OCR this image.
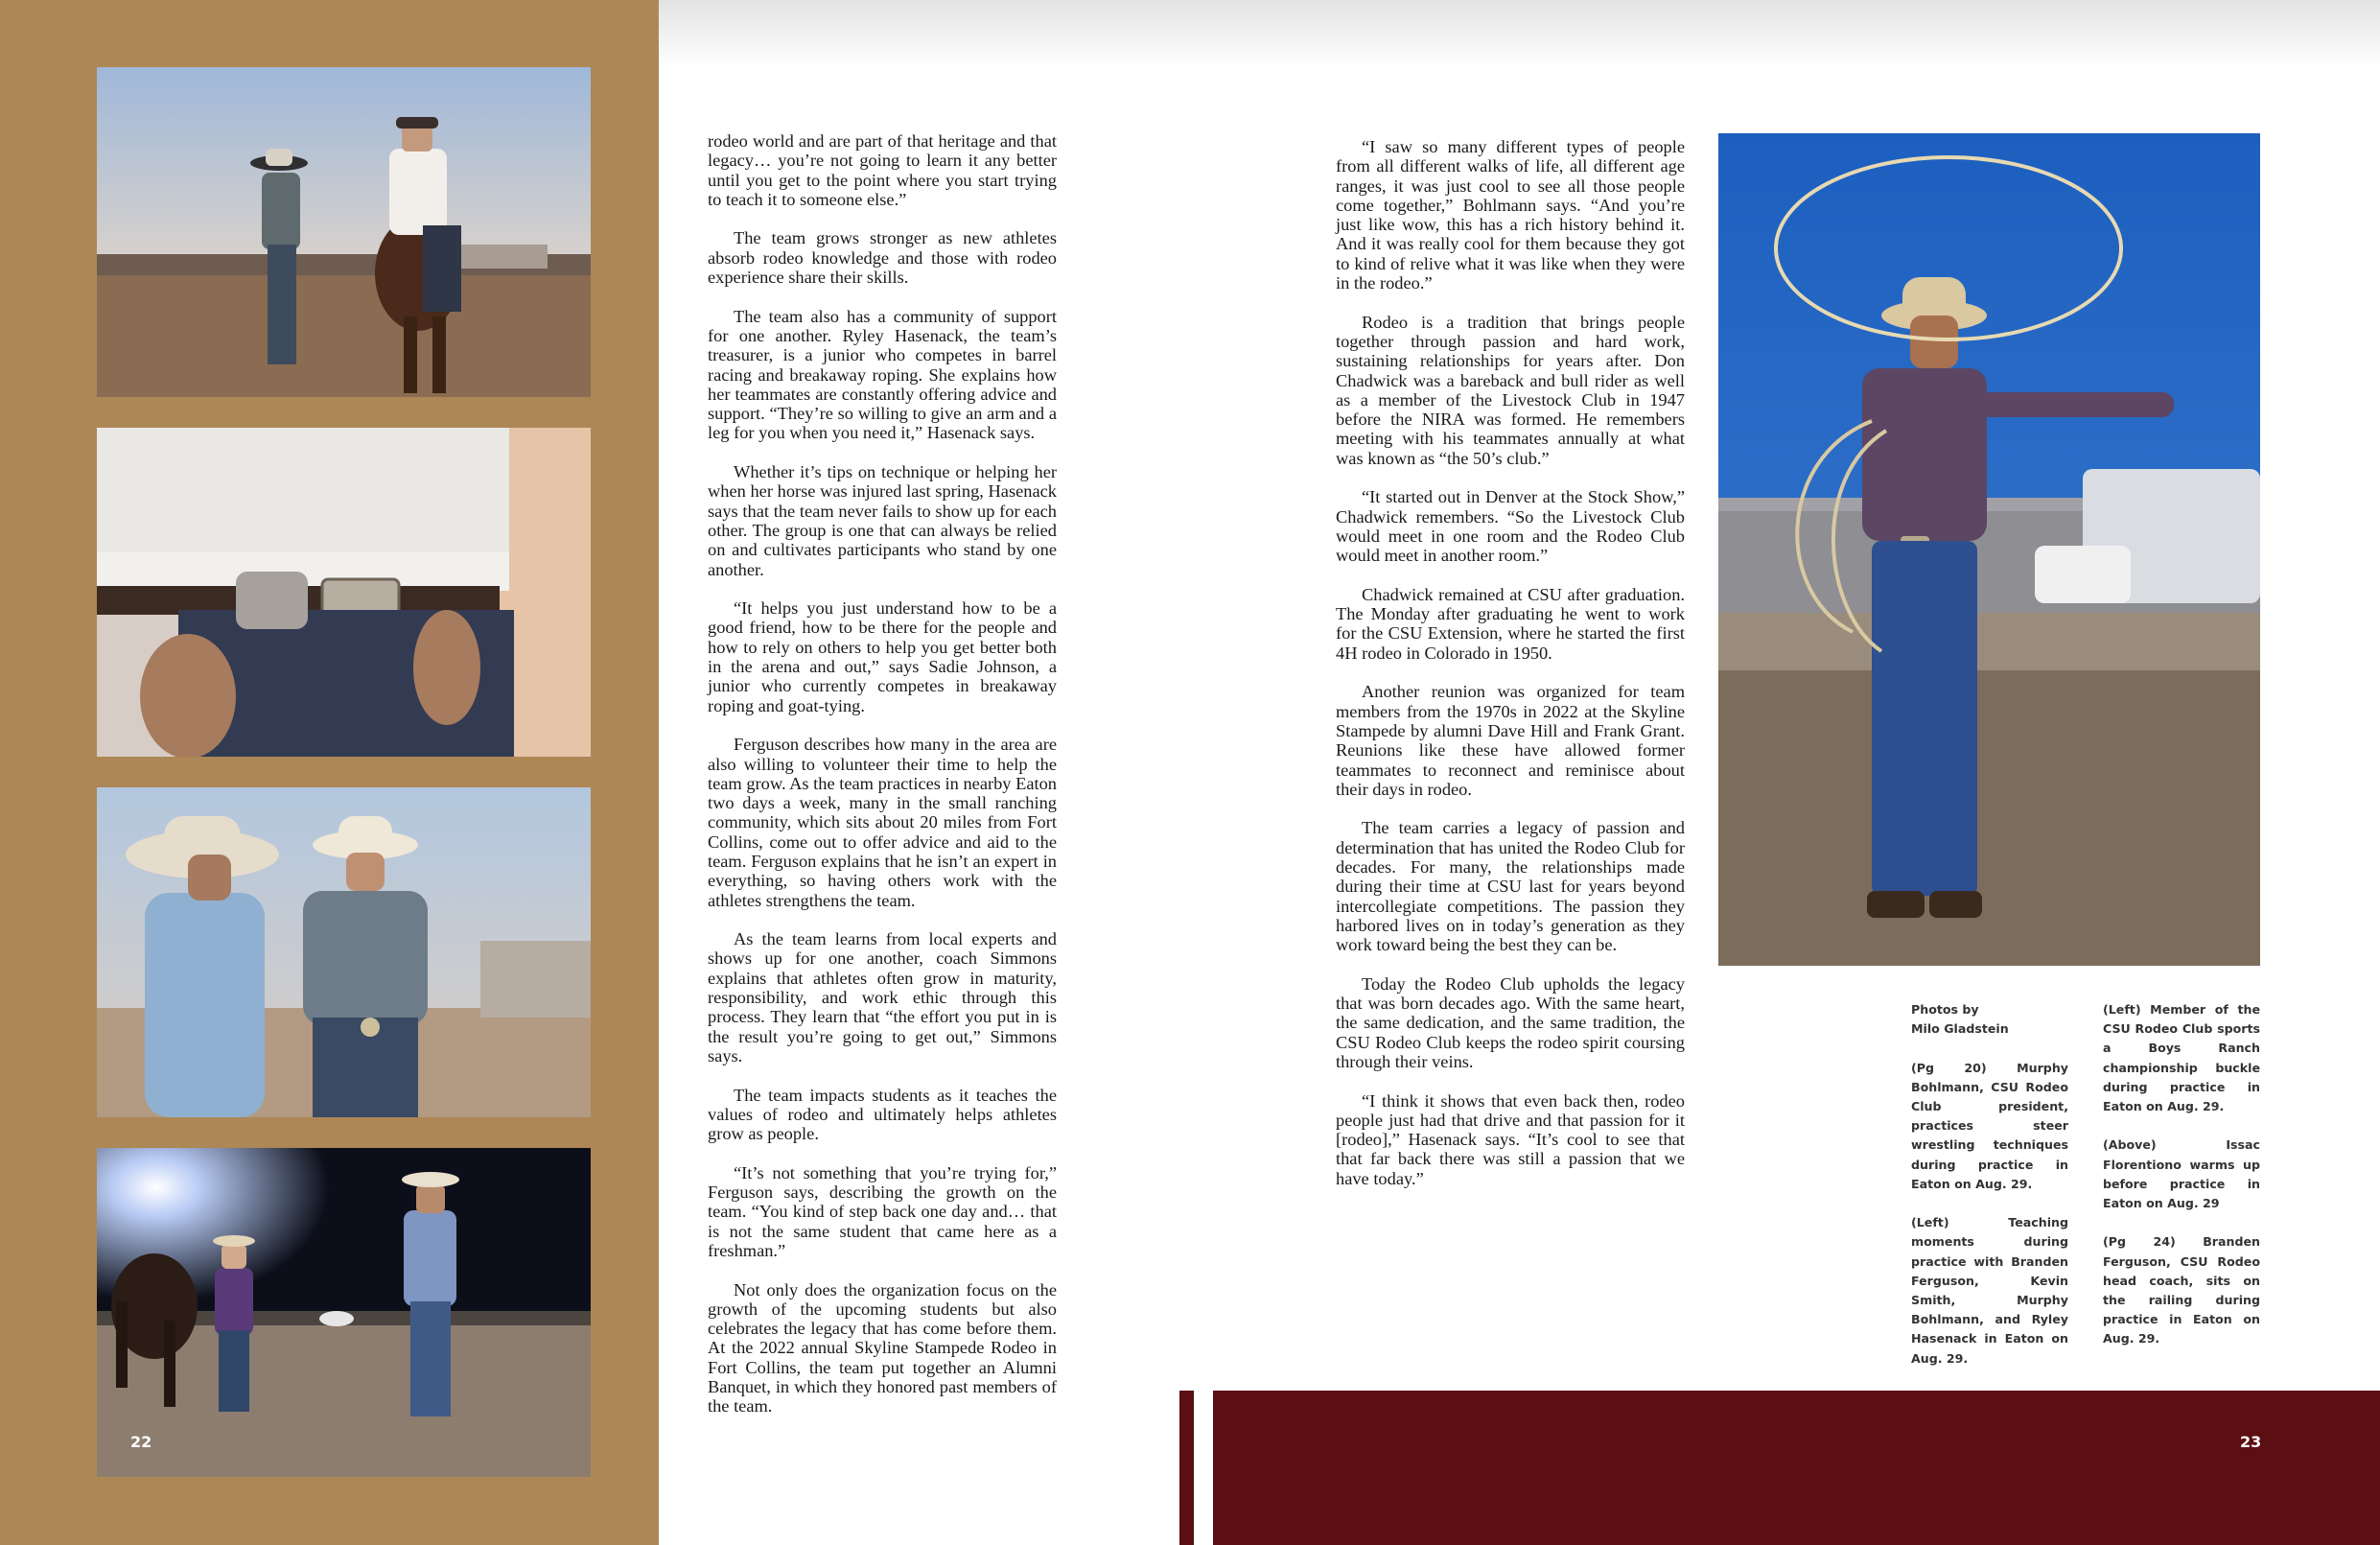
rodeo world and are part of that heritage and that legacy… you’re not going to learn it any better until you get to the point where you start trying to teach it to someone else.”

The team grows stronger as new athletes absorb rodeo knowledge and those with rodeo experience share their skills.

The team also has a community of support for one another. Ryley Hasenack, the team’s treasurer, is a junior who competes in barrel racing and breakaway roping. She explains how her teammates are constantly offering advice and support. “They’re so willing to give an arm and a leg for you when you need it,” Hasenack says.

Whether it’s tips on technique or helping her when her horse was injured last spring, Hasenack says that the team never fails to show up for each other. The group is one that can always be relied on and cultivates participants who stand by one another.

“It helps you just understand how to be a good friend, how to be there for the people and how to rely on others to help you get better both in the arena and out,” says Sadie Johnson, a junior who currently competes in breakaway roping and goat-tying.

Ferguson describes how many in the area are also willing to volunteer their time to help the team grow. As the team practices in nearby Eaton two days a week, many in the small ranching community, which sits about 20 miles from Fort Collins, come out to offer advice and aid to the team. Ferguson explains that he isn’t an expert in everything, so having others work with the athletes strengthens the team.

As the team learns from local experts and shows up for one another, coach Simmons explains that athletes often grow in maturity, responsibility, and work ethic through this process. They learn that “the effort you put in is the result you’re going to get out,” Simmons says.

The team impacts students as it teaches the values of rodeo and ultimately helps athletes grow as people.

“It’s not something that you’re trying for,” Ferguson says, describing the growth on the team. “You kind of step back one day and… that is not the same student that came here as a freshman.”

Not only does the organization focus on the growth of the upcoming students but also celebrates the legacy that has come before them. At the 2022 annual Skyline Stampede Rodeo in Fort Collins, the team put together an Alumni Banquet, in which they honored past members of the team.

“I saw so many different types of people from all different walks of life, all different age ranges, it was just cool to see all those people come together,” Bohlmann says. “And you’re just like wow, this has a rich history behind it. And it was really cool for them because they got to kind of relive what it was like when they were in the rodeo.”

Rodeo is a tradition that brings people together through passion and hard work, sustaining relationships for years after. Don Chadwick was a bareback and bull rider as well as a member of the Livestock Club in 1947 before the NIRA was formed. He remembers meeting with his teammates annually at what was known as “the 50’s club.”

“It started out in Denver at the Stock Show,” Chadwick remembers. “So the Livestock Club would meet in one room and the Rodeo Club would meet in another room.”

Chadwick remained at CSU after graduation. The Monday after graduating he went to work for the CSU Extension, where he started the first 4H rodeo in Colorado in 1950.

Another reunion was organized for team members from the 1970s in 2022 at the Skyline Stampede by alumni Dave Hill and Frank Grant. Reunions like these have allowed former teammates to reconnect and reminisce about their days in rodeo.

The team carries a legacy of passion and determination that has united the Rodeo Club for decades. For many, the relationships made during their time at CSU last for years beyond intercollegiate competitions. The passion they harbored lives on in today’s generation as they work toward being the best they can be.

Today the Rodeo Club upholds the legacy that was born decades ago. With the same heart, the same dedication, and the same tradition, the CSU Rodeo Club keeps the rodeo spirit coursing through their veins.

“I think it shows that even back then, rodeo people just had that drive and that passion for it [rodeo],” Hasenack says. “It’s cool to see that that far back there was still a passion that we have today.”

Photos by
Milo Gladstein

(Pg 20) Murphy Bohlmann, CSU Rodeo Club president, practices steer wrestling techniques during practice in Eaton on Aug. 29.

(Left) Teaching moments during practice with Branden Ferguson, Kevin Smith, Murphy Bohlmann, and Ryley Hasenack in Eaton on Aug. 29.

(Left) Member of the CSU Rodeo Club sports a Boys Ranch championship buckle during practice in Eaton on Aug. 29.

(Above) Issac Florentiono warms up before practice in Eaton on Aug. 29

(Pg 24) Branden Ferguson, CSU Rodeo head coach, sits on the railing during practice in Eaton on Aug. 29.

22	23
